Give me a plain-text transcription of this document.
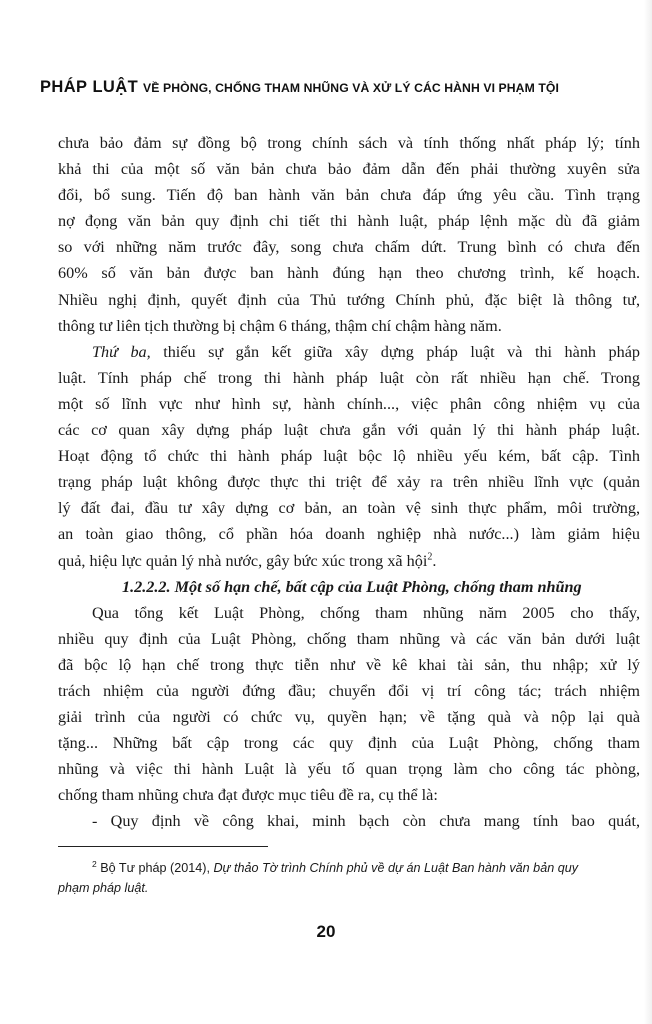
PHÁP LUẬT VỀ PHÒNG, CHỐNG THAM NHŨNG VÀ XỬ LÝ CÁC HÀNH VI PHẠM TỘI
chưa bảo đảm sự đồng bộ trong chính sách và tính thống nhất pháp lý; tính
khả thi của một số văn bản chưa bảo đảm dẫn đến phải thường xuyên sửa
đổi, bổ sung. Tiến độ ban hành văn bản chưa đáp ứng yêu cầu. Tình trạng
nợ đọng văn bản quy định chi tiết thi hành luật, pháp lệnh mặc dù đã giảm
so với những năm trước đây, song chưa chấm dứt. Trung bình có chưa đến
60% số văn bản được ban hành đúng hạn theo chương trình, kế hoạch.
Nhiều nghị định, quyết định của Thủ tướng Chính phủ, đặc biệt là thông tư,
thông tư liên tịch thường bị chậm 6 tháng, thậm chí chậm hàng năm.
Thứ ba, thiếu sự gắn kết giữa xây dựng pháp luật và thi hành pháp
luật. Tính pháp chế trong thi hành pháp luật còn rất nhiều hạn chế. Trong
một số lĩnh vực như hình sự, hành chính..., việc phân công nhiệm vụ của
các cơ quan xây dựng pháp luật chưa gắn với quản lý thi hành pháp luật.
Hoạt động tổ chức thi hành pháp luật bộc lộ nhiều yếu kém, bất cập. Tình
trạng pháp luật không được thực thi triệt để xảy ra trên nhiều lĩnh vực (quản
lý đất đai, đầu tư xây dựng cơ bản, an toàn vệ sinh thực phẩm, môi trường,
an toàn giao thông, cổ phần hóa doanh nghiệp nhà nước...) làm giảm hiệu
quả, hiệu lực quản lý nhà nước, gây bức xúc trong xã hội$^2$.
1.2.2.2. Một số hạn chế, bất cập của Luật Phòng, chống tham nhũng
Qua tổng kết Luật Phòng, chống tham nhũng năm 2005 cho thấy,
nhiều quy định của Luật Phòng, chống tham nhũng và các văn bản dưới luật
đã bộc lộ hạn chế trong thực tiễn như về kê khai tài sản, thu nhập; xử lý
trách nhiệm của người đứng đầu; chuyển đổi vị trí công tác; trách nhiệm
giải trình của người có chức vụ, quyền hạn; về tặng quà và nộp lại quà
tặng... Những bất cập trong các quy định của Luật Phòng, chống tham
nhũng và việc thi hành Luật là yếu tố quan trọng làm cho công tác phòng,
chống tham nhũng chưa đạt được mục tiêu đề ra, cụ thể là:
- Quy định về công khai, minh bạch còn chưa mang tính bao quát,
$^2$ Bộ Tư pháp (2014), Dự thảo Tờ trình Chính phủ về dự án Luật Ban hành văn bản quy
phạm pháp luật.
20
